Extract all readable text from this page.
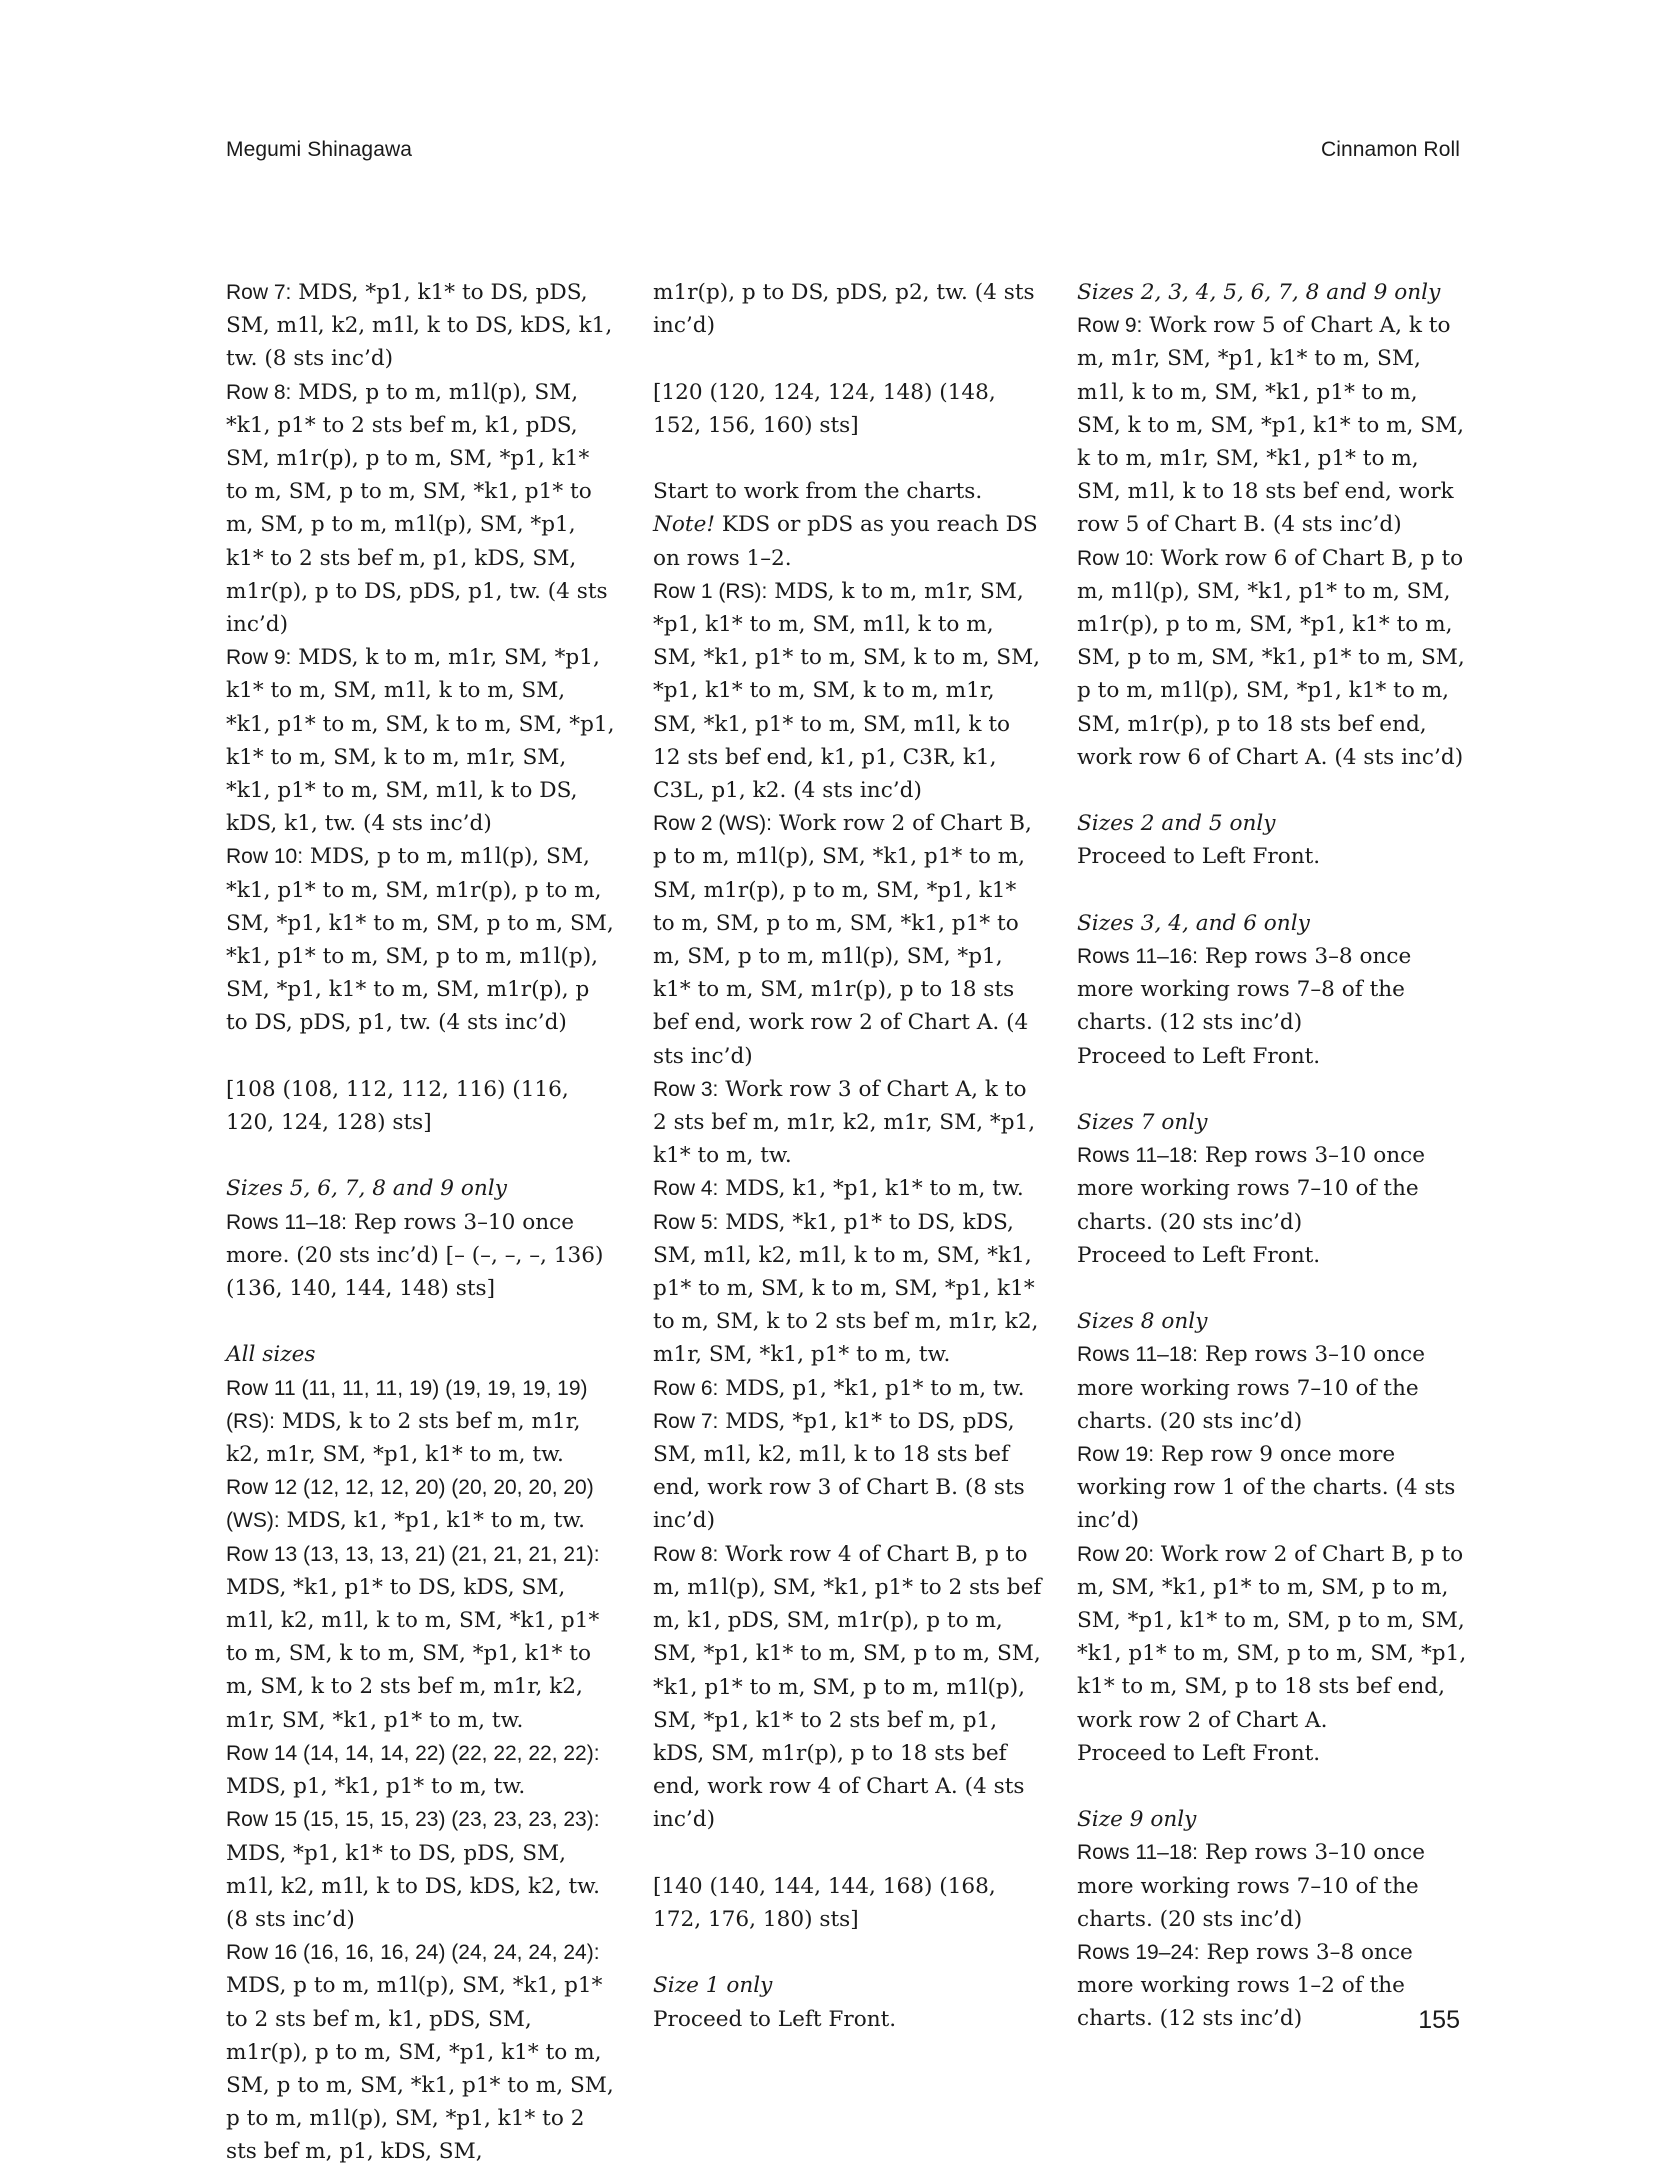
Megumi Shinagawa	Cinnamon Roll

Row 7: MDS, *p1, k1* to DS, pDS, SM, m1l, k2, m1l, k to DS, kDS, k1, tw. (8 sts inc’d)

Row 8: MDS, p to m, m1l(p), SM, *k1, p1* to 2 sts bef m, k1, pDS, SM, m1r(p), p to m, SM, *p1, k1* to m, SM, p to m, SM, *k1, p1* to m, SM, p to m, m1l(p), SM, *p1, k1* to 2 sts bef m, p1, kDS, SM, m1r(p), p to DS, pDS, p1, tw. (4 sts inc’d)

Row 9: MDS, k to m, m1r, SM, *p1, k1* to m, SM, m1l, k to m, SM, *k1, p1* to m, SM, k to m, SM, *p1, k1* to m, SM, k to m, m1r, SM, *k1, p1* to m, SM, m1l, k to DS, kDS, k1, tw. (4 sts inc’d)

Row 10: MDS, p to m, m1l(p), SM, *k1, p1* to m, SM, m1r(p), p to m, SM, *p1, k1* to m, SM, p to m, SM, *k1, p1* to m, SM, p to m, m1l(p), SM, *p1, k1* to m, SM, m1r(p), p to DS, pDS, p1, tw. (4 sts inc’d)

[108 (108, 112, 112, 116) (116, 120, 124, 128) sts]

Sizes 5, 6, 7, 8 and 9 only

Rows 11–18: Rep rows 3–10 once more. (20 sts inc’d) [– (–, –, –, 136) (136, 140, 144, 148) sts]

All sizes

Row 11 (11, 11, 11, 19) (19, 19, 19, 19) (RS): MDS, k to 2 sts bef m, m1r, k2, m1r, SM, *p1, k1* to m, tw.

Row 12 (12, 12, 12, 20) (20, 20, 20, 20) (WS): MDS, k1, *p1, k1* to m, tw.

Row 13 (13, 13, 13, 21) (21, 21, 21, 21): MDS, *k1, p1* to DS, kDS, SM, m1l, k2, m1l, k to m, SM, *k1, p1* to m, SM, k to m, SM, *p1, k1* to m, SM, k to 2 sts bef m, m1r, k2, m1r, SM, *k1, p1* to m, tw.

Row 14 (14, 14, 14, 22) (22, 22, 22, 22): MDS, p1, *k1, p1* to m, tw.

Row 15 (15, 15, 15, 23) (23, 23, 23, 23): MDS, *p1, k1* to DS, pDS, SM, m1l, k2, m1l, k to DS, kDS, k2, tw. (8 sts inc’d)

Row 16 (16, 16, 16, 24) (24, 24, 24, 24): MDS, p to m, m1l(p), SM, *k1, p1* to 2 sts bef m, k1, pDS, SM, m1r(p), p to m, SM, *p1, k1* to m, SM, p to m, SM, *k1, p1* to m, SM, p to m, m1l(p), SM, *p1, k1* to 2 sts bef m, p1, kDS, SM,

m1r(p), p to DS, pDS, p2, tw. (4 sts inc’d)

[120 (120, 124, 124, 148) (148, 152, 156, 160) sts]

Start to work from the charts.

Note! KDS or pDS as you reach DS on rows 1–2.

Row 1 (RS): MDS, k to m, m1r, SM, *p1, k1* to m, SM, m1l, k to m, SM, *k1, p1* to m, SM, k to m, SM, *p1, k1* to m, SM, k to m, m1r, SM, *k1, p1* to m, SM, m1l, k to 12 sts bef end, k1, p1, C3R, k1, C3L, p1, k2. (4 sts inc’d)

Row 2 (WS): Work row 2 of Chart B, p to m, m1l(p), SM, *k1, p1* to m, SM, m1r(p), p to m, SM, *p1, k1* to m, SM, p to m, SM, *k1, p1* to m, SM, p to m, m1l(p), SM, *p1, k1* to m, SM, m1r(p), p to 18 sts bef end, work row 2 of Chart A. (4 sts inc’d)

Row 3: Work row 3 of Chart A, k to 2 sts bef m, m1r, k2, m1r, SM, *p1, k1* to m, tw.

Row 4: MDS, k1, *p1, k1* to m, tw.

Row 5: MDS, *k1, p1* to DS, kDS, SM, m1l, k2, m1l, k to m, SM, *k1, p1* to m, SM, k to m, SM, *p1, k1* to m, SM, k to 2 sts bef m, m1r, k2, m1r, SM, *k1, p1* to m, tw.

Row 6: MDS, p1, *k1, p1* to m, tw.

Row 7: MDS, *p1, k1* to DS, pDS, SM, m1l, k2, m1l, k to 18 sts bef end, work row 3 of Chart B. (8 sts inc’d)

Row 8: Work row 4 of Chart B, p to m, m1l(p), SM, *k1, p1* to 2 sts bef m, k1, pDS, SM, m1r(p), p to m, SM, *p1, k1* to m, SM, p to m, SM, *k1, p1* to m, SM, p to m, m1l(p), SM, *p1, k1* to 2 sts bef m, p1, kDS, SM, m1r(p), p to 18 sts bef end, work row 4 of Chart A. (4 sts inc’d)

[140 (140, 144, 144, 168) (168, 172, 176, 180) sts]

Size 1 only

Proceed to Left Front.

Sizes 2, 3, 4, 5, 6, 7, 8 and 9 only

Row 9: Work row 5 of Chart A, k to m, m1r, SM, *p1, k1* to m, SM, m1l, k to m, SM, *k1, p1* to m, SM, k to m, SM, *p1, k1* to m, SM, k to m, m1r, SM, *k1, p1* to m, SM, m1l, k to 18 sts bef end, work row 5 of Chart B. (4 sts inc’d)

Row 10: Work row 6 of Chart B, p to m, m1l(p), SM, *k1, p1* to m, SM, m1r(p), p to m, SM, *p1, k1* to m, SM, p to m, SM, *k1, p1* to m, SM, p to m, m1l(p), SM, *p1, k1* to m, SM, m1r(p), p to 18 sts bef end, work row 6 of Chart A. (4 sts inc’d)

Sizes 2 and 5 only

Proceed to Left Front.

Sizes 3, 4, and 6 only

Rows 11–16: Rep rows 3–8 once more working rows 7–8 of the charts. (12 sts inc’d)

Proceed to Left Front.

Sizes 7 only

Rows 11–18: Rep rows 3–10 once more working rows 7–10 of the charts. (20 sts inc’d)

Proceed to Left Front.

Sizes 8 only

Rows 11–18: Rep rows 3–10 once more working rows 7–10 of the charts. (20 sts inc’d)

Row 19: Rep row 9 once more working row 1 of the charts. (4 sts inc’d)

Row 20: Work row 2 of Chart B, p to m, SM, *k1, p1* to m, SM, p to m, SM, *p1, k1* to m, SM, p to m, SM, *k1, p1* to m, SM, p to m, SM, *p1, k1* to m, SM, p to 18 sts bef end, work row 2 of Chart A.

Proceed to Left Front.

Size 9 only

Rows 11–18: Rep rows 3–10 once more working rows 7–10 of the charts. (20 sts inc’d)

Rows 19–24: Rep rows 3–8 once more working rows 1–2 of the charts. (12 sts inc’d)	155
